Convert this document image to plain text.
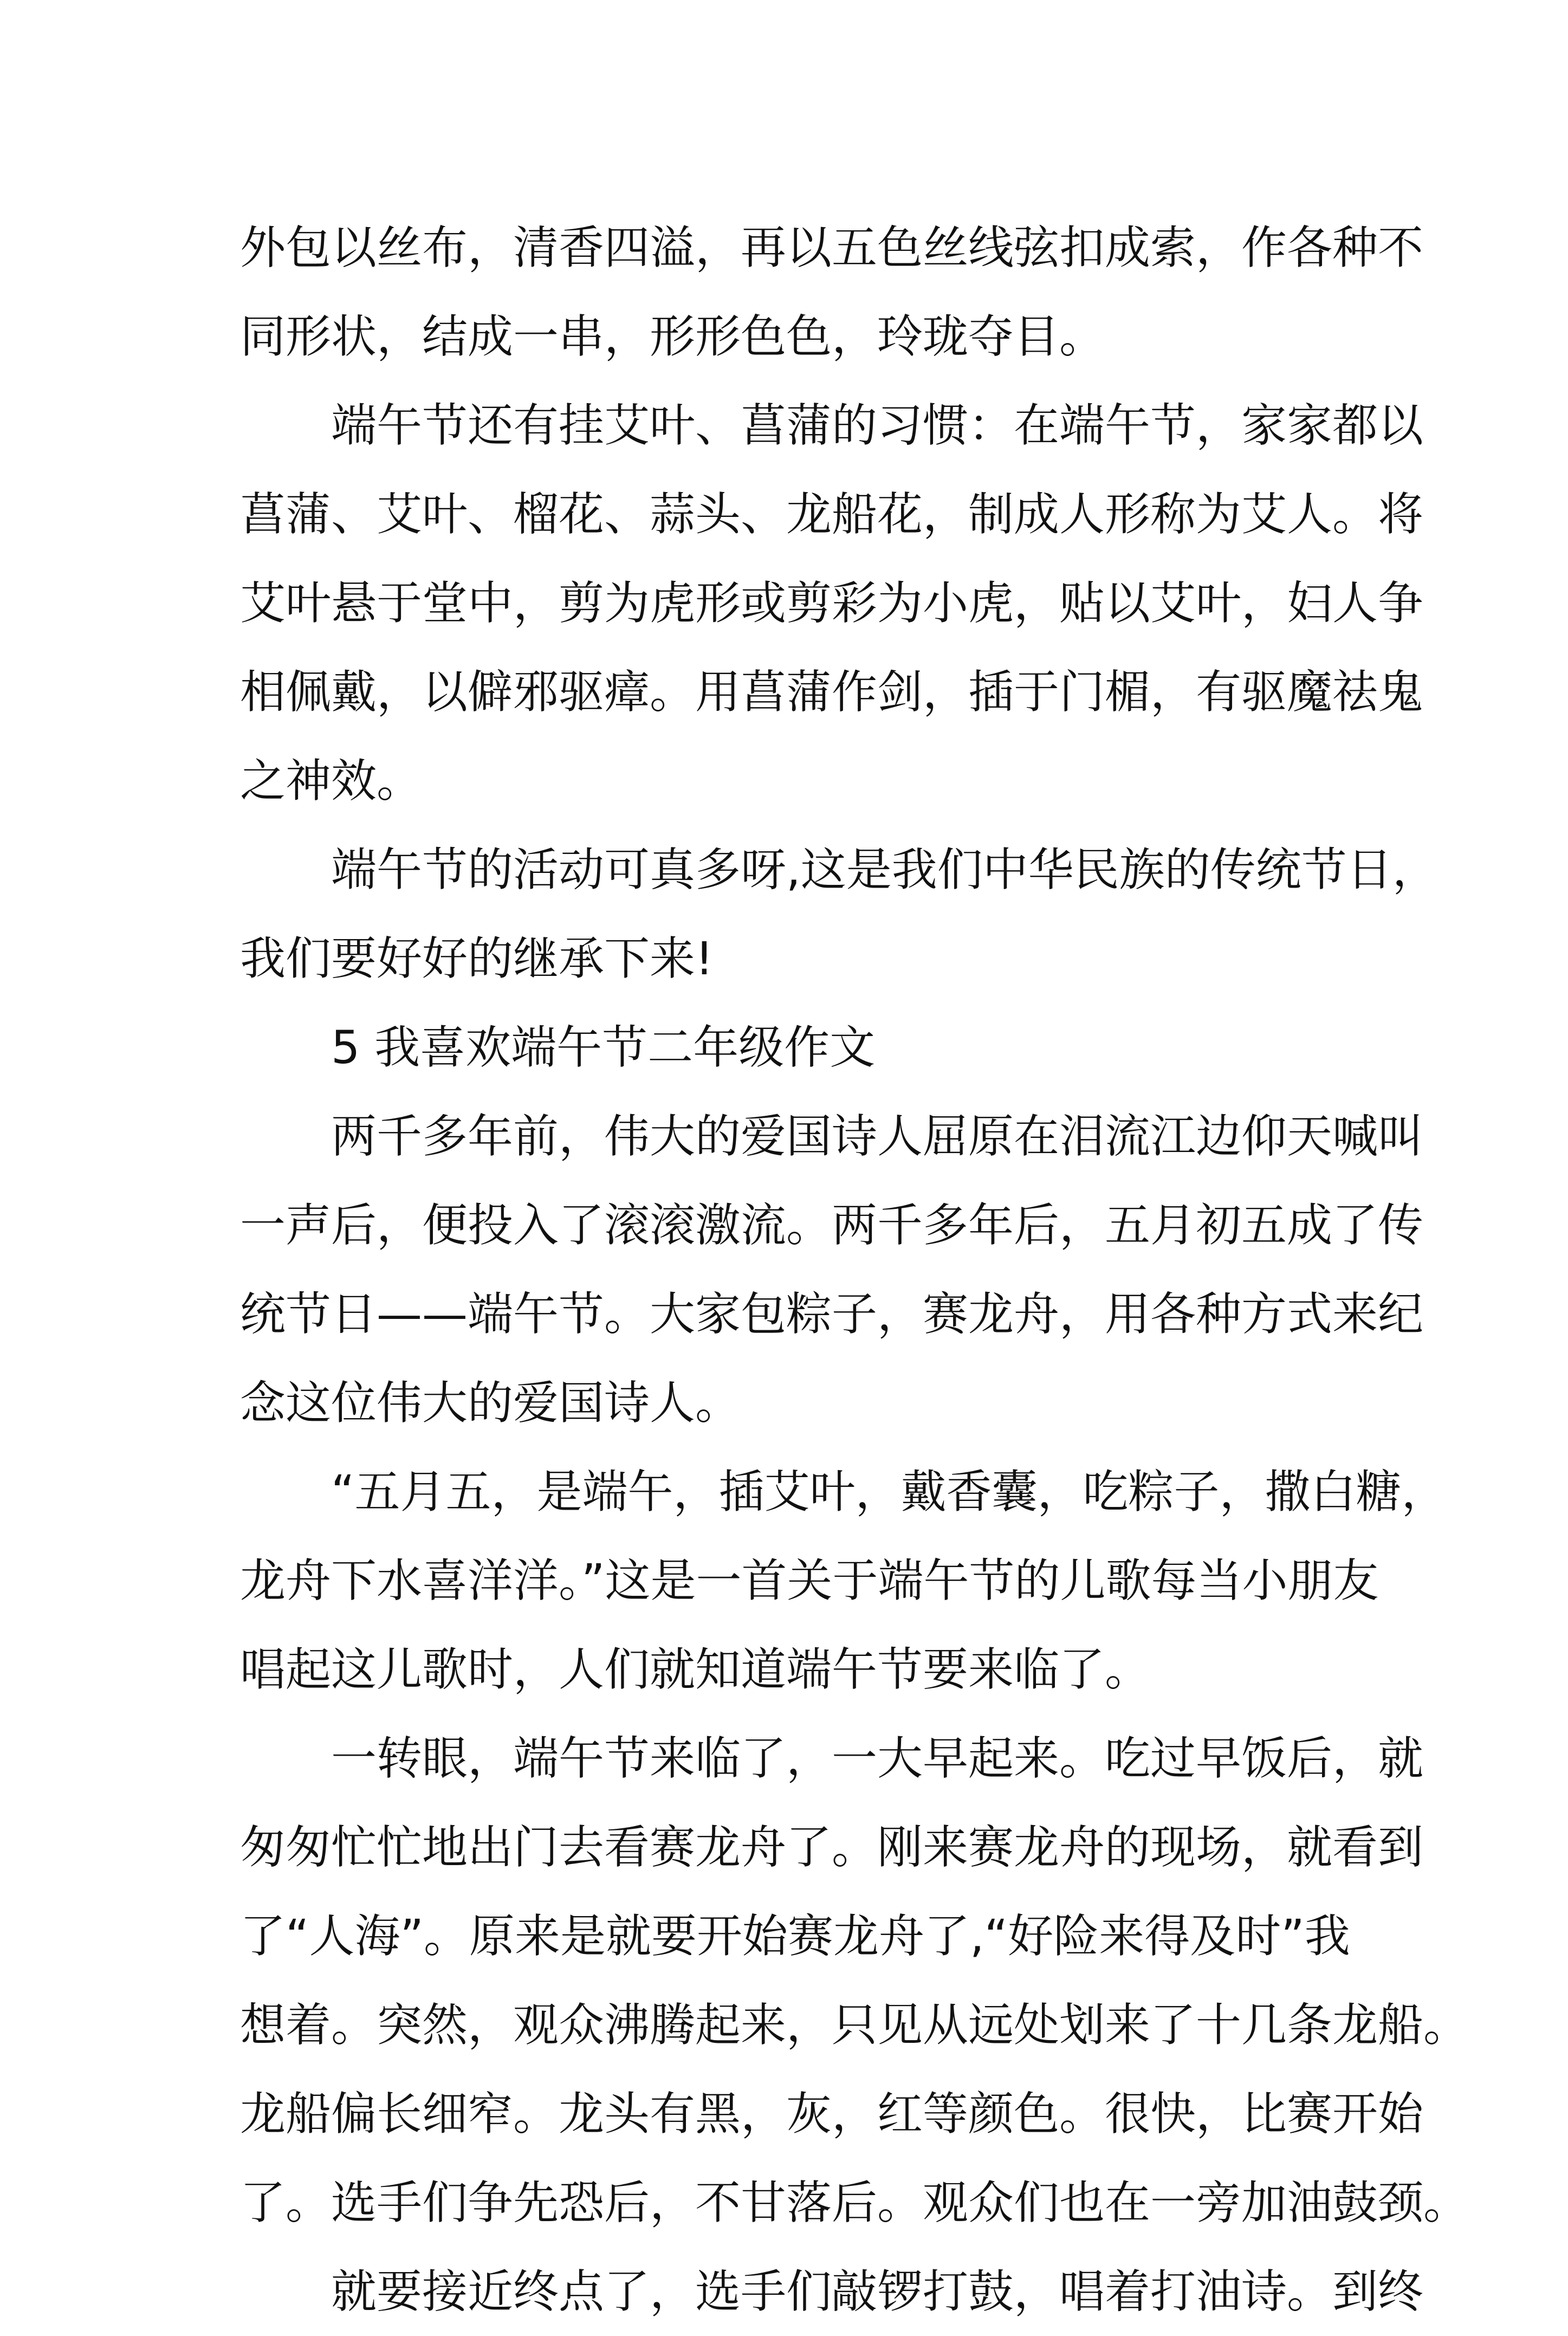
外包以丝布，清香四溢，再以五色丝线弦扣成索，作各种不
同形状，结成一串，形形色色，玲珑夺目。
端午节还有挂艾叶、菖蒲的习惯：在端午节，家家都以
菖蒲、艾叶、榴花、蒜头、龙船花，制成人形称为艾人。将
艾叶悬于堂中，剪为虎形或剪彩为小虎，贴以艾叶，妇人争
相佩戴，以僻邪驱瘴。用菖蒲作剑，插于门楣，有驱魔祛鬼
之神效。
端午节的活动可真多呀,这是我们中华民族的传统节日，
我们要好好的继承下来!
5 我喜欢端午节二年级作文
两千多年前，伟大的爱国诗人屈原在泪流江边仰天喊叫
一声后，便投入了滚滚激流。两千多年后，五月初五成了传
统节日——端午节。大家包粽子，赛龙舟，用各种方式来纪
念这位伟大的爱国诗人。
“五月五，是端午，插艾叶，戴香囊，吃粽子，撒白糖，
龙舟下水喜洋洋。”这是一首关于端午节的儿歌每当小朋友
唱起这儿歌时，人们就知道端午节要来临了。
一转眼，端午节来临了，一大早起来。吃过早饭后，就
匆匆忙忙地出门去看赛龙舟了。刚来赛龙舟的现场，就看到
了“人海”。原来是就要开始赛龙舟了,“好险来得及时”我
想着。突然，观众沸腾起来，只见从远处划来了十几条龙船。
龙船偏长细窄。龙头有黑，灰，红等颜色。很快，比赛开始
了。选手们争先恐后，不甘落后。观众们也在一旁加油鼓颈。
就要接近终点了，选手们敲锣打鼓，唱着打油诗。到终
